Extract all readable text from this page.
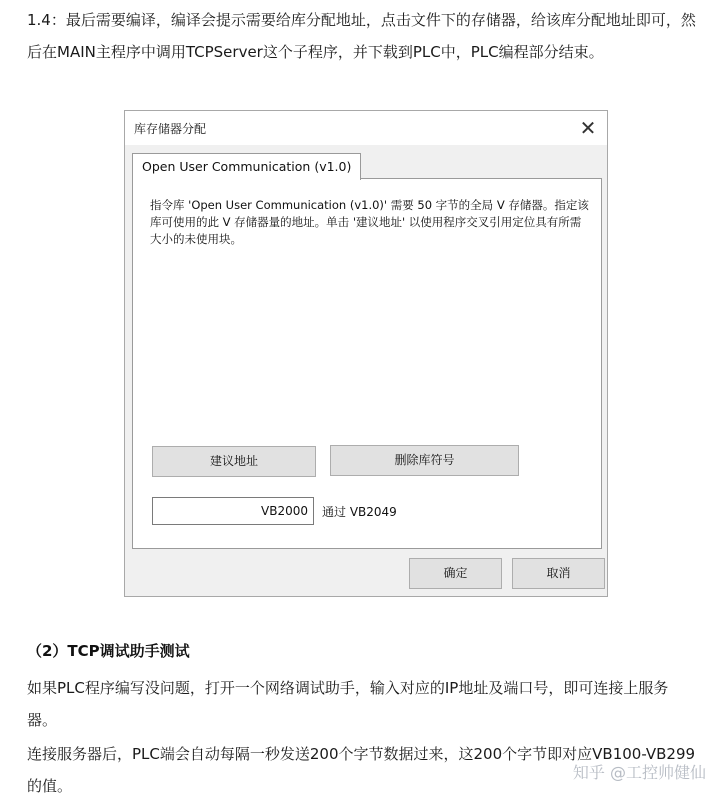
1.4：最后需要编译，编译会提示需要给库分配地址，点击文件下的存储器，给该库分配地址即可，然后在MAIN主程序中调用TCPServer这个子程序，并下载到PLC中，PLC编程部分结束。

库存储器分配	✕
Open User Communication (v1.0)

指令库 'Open User Communication (v1.0)' 需要 50 字节的全局 V 存储器。指定该库可使用的此 V 存储器量的地址。单击 '建议地址' 以使用程序交叉引用定位具有所需大小的未使用块。

建议地址	删除库符号
VB2000
通过 VB2049
确定	取消
（2）TCP调试助手测试

如果PLC程序编写没问题，打开一个网络调试助手，输入对应的IP地址及端口号，即可连接上服务器。

连接服务器后，PLC端会自动每隔一秒发送200个字节数据过来，这200个字节即对应VB100-VB299的值。

知乎 @工控帅健仙
